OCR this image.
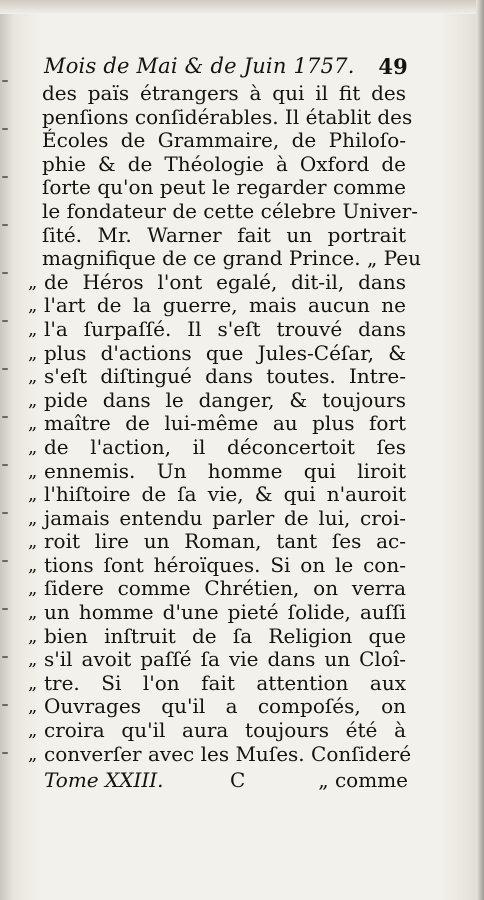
Mois de Mai & de Juin 1757. 49
des païs étrangers à qui il fit des
penſions conſidérables. Il établit des
Écoles de Grammaire, de Philoſo-
phie & de Théologie à Oxford de
ſorte qu'on peut le regarder comme
le fondateur de cette célebre Univer-
ſité. Mr. Warner fait un portrait
magnifique de ce grand Prince. „ Peu
„ de Héros l'ont egalé, dit-il, dans
„ l'art de la guerre, mais aucun ne
„ l'a ſurpaſſé. Il s'eſt trouvé dans
„ plus d'actions que Jules-Céſar, &
„ s'eſt diſtingué dans toutes. Intre-
„ pide dans le danger, & toujours
„ maître de lui-même au plus fort
„ de l'action, il déconcertoit ſes
„ ennemis. Un homme qui liroit
„ l'hiſtoire de ſa vie, & qui n'auroit
„ jamais entendu parler de lui, croi-
„ roit lire un Roman, tant ſes ac-
„ tions ſont héroïques. Si on le con-
„ ſidere comme Chrétien, on verra
„ un homme d'une pieté ſolide, auſſi
„ bien inſtruit de ſa Religion que
„ s'il avoit paſſé ſa vie dans un Cloî-
„ tre. Si l'on fait attention aux
„ Ouvrages qu'il a compoſés, on
„ croira qu'il aura toujours été à
„ converſer avec les Muſes. Conſideré
Tome XXIII.	C	„ comme
